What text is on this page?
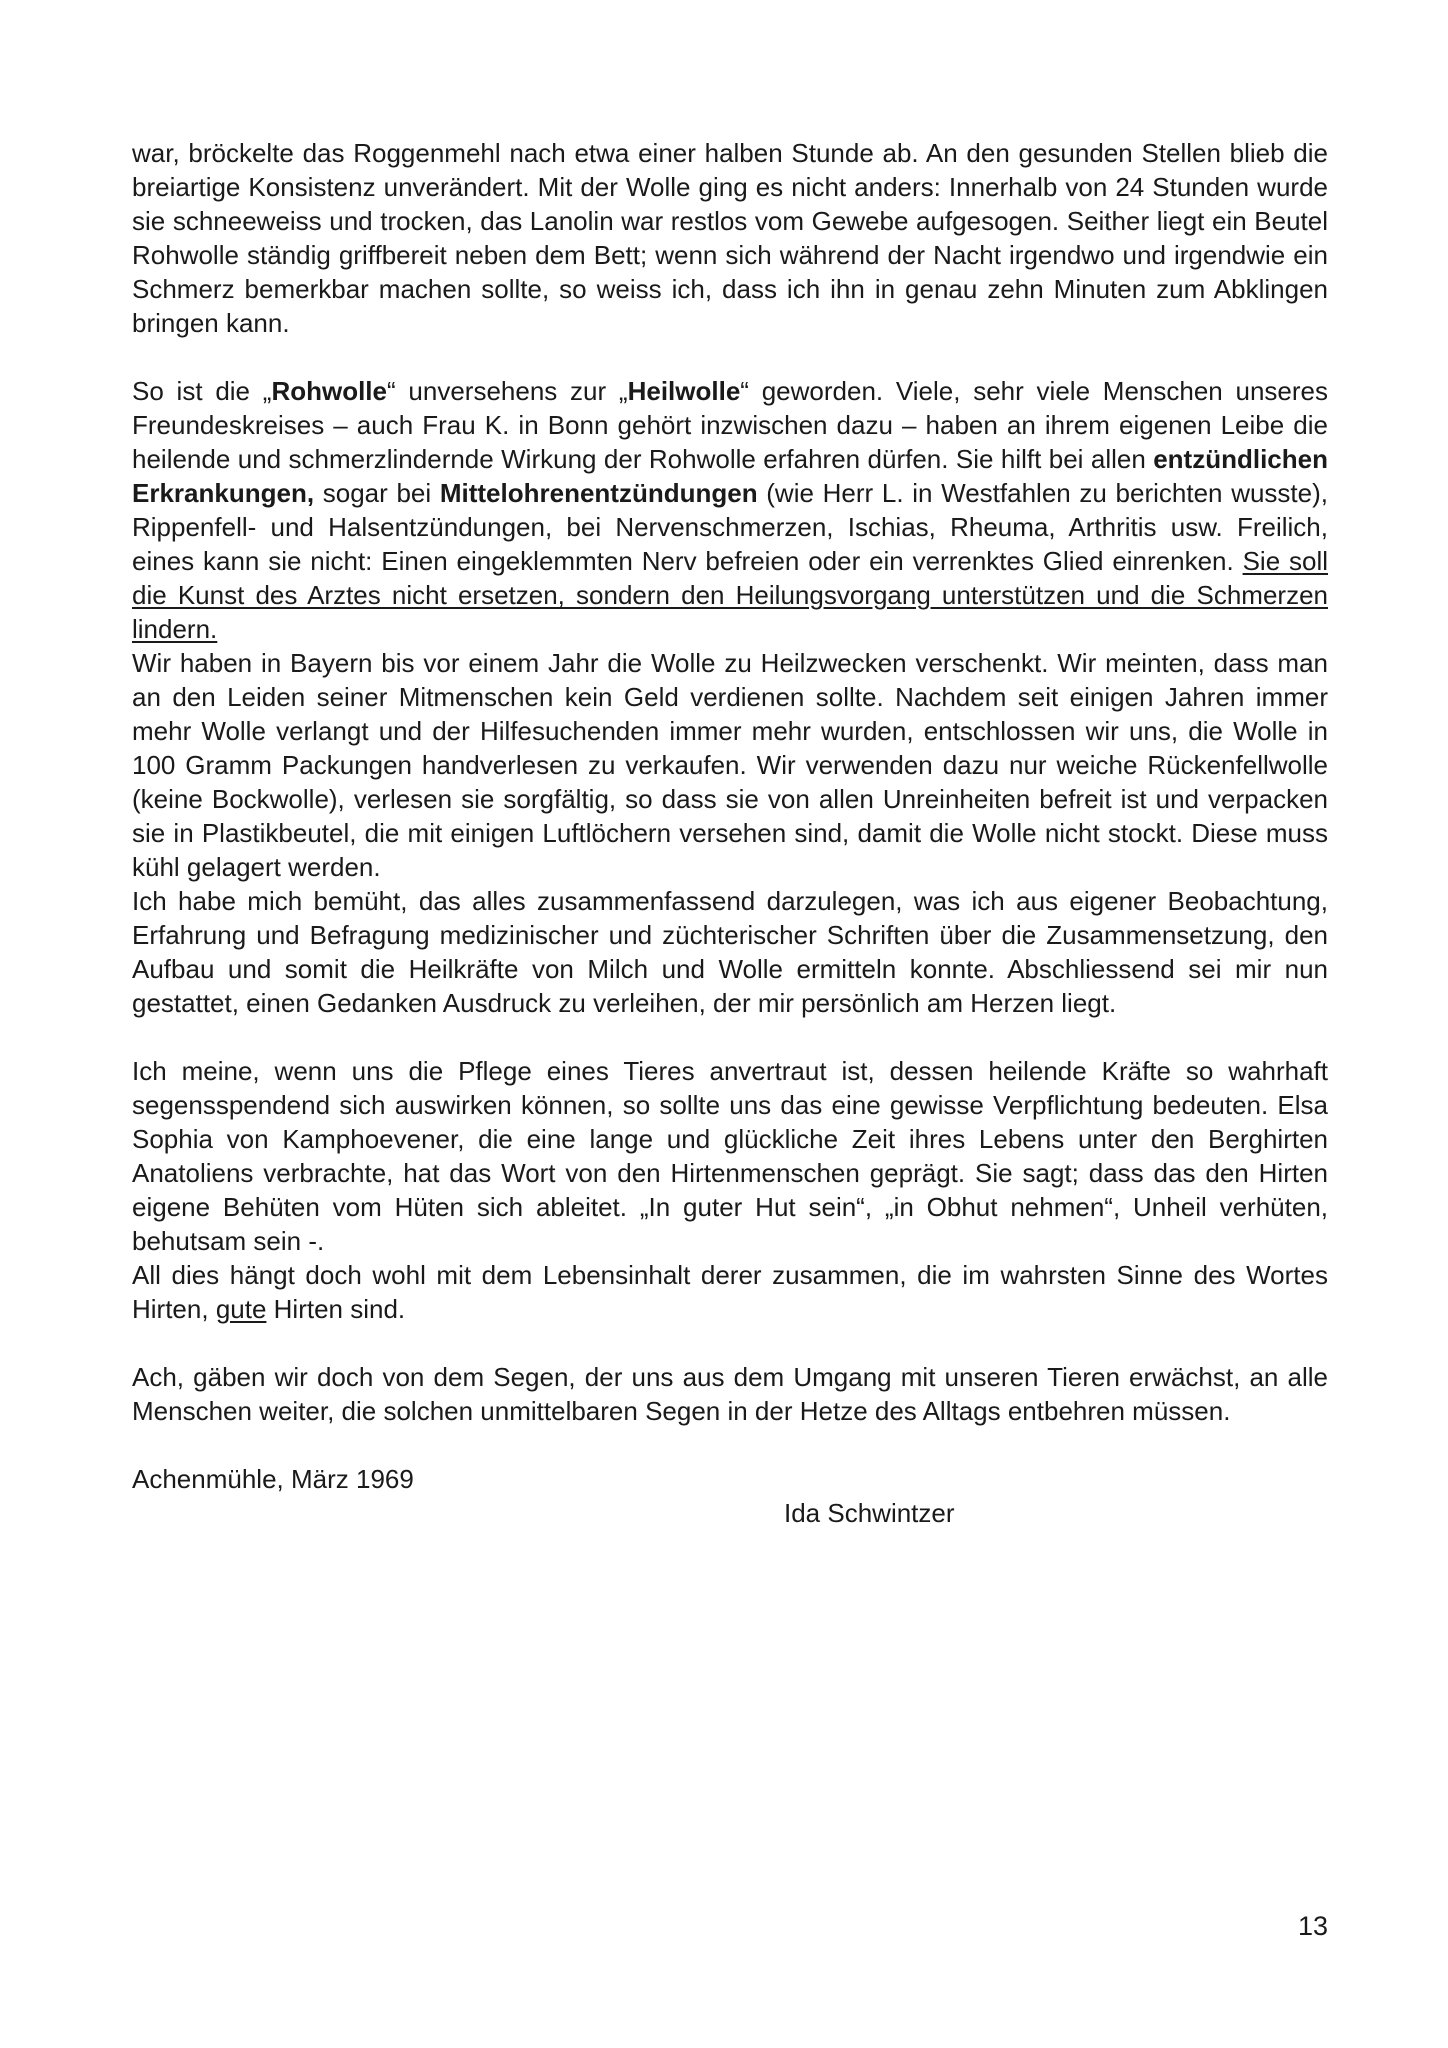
war, bröckelte das Roggenmehl nach etwa einer halben Stunde ab. An den gesunden Stellen blieb die breiartige Konsistenz unverändert. Mit der Wolle ging es nicht anders: Innerhalb von 24 Stunden wurde sie schneeweiss und trocken, das Lanolin war restlos vom Gewebe aufgesogen. Seither liegt ein Beutel Rohwolle ständig griffbereit neben dem Bett; wenn sich während der Nacht irgendwo und irgendwie ein Schmerz bemerkbar machen sollte, so weiss ich, dass ich ihn in genau zehn Minuten zum Abklingen bringen kann.

So ist die „Rohwolle“ unversehens zur „Heilwolle“ geworden. Viele, sehr viele Menschen unseres Freundeskreises – auch Frau K. in Bonn gehört inzwischen dazu – haben an ihrem eigenen Leibe die heilende und schmerzlindernde Wirkung der Rohwolle erfahren dürfen. Sie hilft bei allen entzündlichen Erkrankungen, sogar bei Mittelohrenentzündungen (wie Herr L. in Westfahlen zu berichten wusste), Rippenfell- und Halsentzündungen, bei Nervenschmerzen, Ischias, Rheuma, Arthritis usw. Freilich, eines kann sie nicht: Einen eingeklemmten Nerv befreien oder ein verrenktes Glied einrenken. Sie soll die Kunst des Arztes nicht ersetzen, sondern den Heilungsvorgang unterstützen und die Schmerzen lindern.

Wir haben in Bayern bis vor einem Jahr die Wolle zu Heilzwecken verschenkt. Wir meinten, dass man an den Leiden seiner Mitmenschen kein Geld verdienen sollte. Nachdem seit einigen Jahren immer mehr Wolle verlangt und der Hilfesuchenden immer mehr wurden, entschlossen wir uns, die Wolle in 100 Gramm Packungen handverlesen zu verkaufen. Wir verwenden dazu nur weiche Rückenfellwolle (keine Bockwolle), verlesen sie sorgfältig, so dass sie von allen Unreinheiten befreit ist und verpacken sie in Plastikbeutel, die mit einigen Luftlöchern versehen sind, damit die Wolle nicht stockt. Diese muss kühl gelagert werden.

Ich habe mich bemüht, das alles zusammenfassend darzulegen, was ich aus eigener Beobachtung, Erfahrung und Befragung medizinischer und züchterischer Schriften über die Zusammensetzung, den Aufbau und somit die Heilkräfte von Milch und Wolle ermitteln konnte. Abschliessend sei mir nun gestattet, einen Gedanken Ausdruck zu verleihen, der mir persönlich am Herzen liegt.

Ich meine, wenn uns die Pflege eines Tieres anvertraut ist, dessen heilende Kräfte so wahrhaft segensspendend sich auswirken können, so sollte uns das eine gewisse Verpflichtung bedeuten. Elsa Sophia von Kamphoevener, die eine lange und glückliche Zeit ihres Lebens unter den Berghirten Anatoliens verbrachte, hat das Wort von den Hirtenmenschen geprägt. Sie sagt; dass das den Hirten eigene Behüten vom Hüten sich ableitet. „In guter Hut sein“, „in Obhut nehmen“, Unheil verhüten, behutsam sein -.

All dies hängt doch wohl mit dem Lebensinhalt derer zusammen, die im wahrsten Sinne des Wortes Hirten, gute Hirten sind.

Ach, gäben wir doch von dem Segen, der uns aus dem Umgang mit unseren Tieren erwächst, an alle Menschen weiter, die solchen unmittelbaren Segen in der Hetze des Alltags entbehren müssen.

Achenmühle, März 1969

Ida Schwintzer

13
